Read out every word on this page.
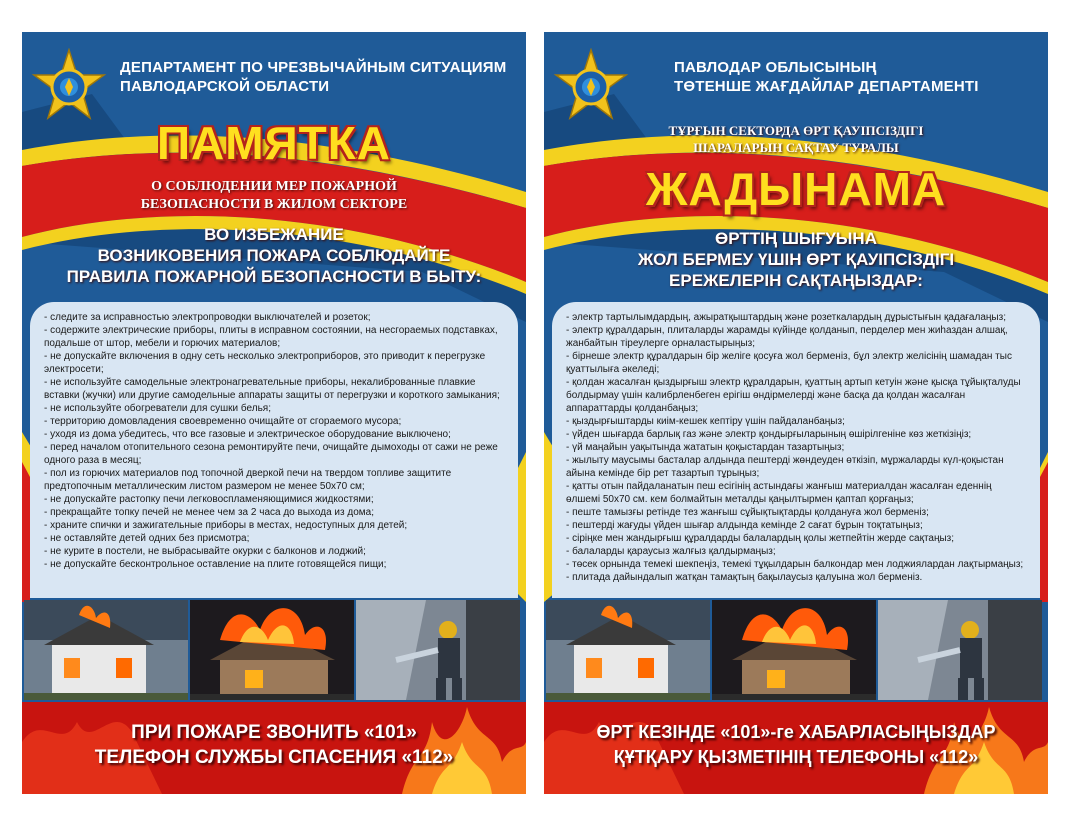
ДЕПАРТАМЕНТ ПО ЧРЕЗВЫЧАЙНЫМ СИТУАЦИЯМ
ПАВЛОДАРСКОЙ ОБЛАСТИ
ПАМЯТКА
О СОБЛЮДЕНИИ МЕР ПОЖАРНОЙ
БЕЗОПАСНОСТИ В ЖИЛОМ СЕКТОРЕ
ВО ИЗБЕЖАНИЕ
ВОЗНИКОВЕНИЯ ПОЖАРА СОБЛЮДАЙТЕ
ПРАВИЛА ПОЖАРНОЙ БЕЗОПАСНОСТИ В БЫТУ:

- следите за исправностью электропроводки выключателей и розеток;

- содержите электрические приборы, плиты в исправном состоянии, на несгораемых подставках, подальше от штор, мебели и горючих материалов;

- не допускайте включения в одну сеть несколько электроприборов, это приводит к перегрузке электросети;

- не используйте самодельные электронагревательные приборы, некалиброванные плавкие вставки (жучки) или другие самодельные аппараты защиты от перегрузки и короткого замыкания;

- не используйте обогреватели для сушки белья;

- территорию домовладения своевременно очищайте от сгораемого мусора;

- уходя из дома убедитесь, что все газовые и электрическое оборудование выключено;

- перед началом отопительного сезона ремонтируйте печи, очищайте дымоходы от сажи не реже одного раза в месяц;

- пол из горючих материалов под топочной дверкой печи на твердом топливе защитите предтопочным металлическим листом размером не менее 50х70 см;

- не допускайте растопку печи легковоспламеняющимися жидкостями;

- прекращайте топку печей не менее чем за 2 часа до выхода из дома;

- храните спички и зажигательные приборы в местах, недоступных для детей;

- не оставляйте детей одних без присмотра;

- не курите в постели, не выбрасывайте окурки с балконов и лоджий;

- не допускайте бесконтрольное оставление на плите готовящейся пищи;

ПРИ ПОЖАРЕ ЗВОНИТЬ «101»
ТЕЛЕФОН СЛУЖБЫ СПАСЕНИЯ «112»
ПАВЛОДАР ОБЛЫСЫНЫҢ
ТӨТЕНШЕ ЖАҒДАЙЛАР ДЕПАРТАМЕНТІ
ТҰРҒЫН СЕКТОРДА ӨРТ ҚАУІПСІЗДІГІ
ШАРАЛАРЫН САҚТАУ ТУРАЛЫ
ЖАДЫНАМА
ӨРТТІҢ ШЫҒУЫНА
ЖОЛ БЕРМЕУ ҮШІН ӨРТ ҚАУІПСІЗДІГІ
ЕРЕЖЕЛЕРІН САҚТАҢЫЗДАР:

- электр тартылымдардың, ажыратқыштардың және розеткалардың дұрыстығын қадағалаңыз;

- электр құралдарын, плиталарды жарамды күйінде қолданып, перделер мен жиһаздан алшақ, жанбайтын тіреулерге орналастырыңыз;

- бірнеше электр құралдарын бір желіге қосуға жол берменіз, бұл электр желісінің шамадан тыс қуаттылыға әкеледі;

- қолдан жасалған қыздырғыш электр құралдарын, қуаттың артып кетуін және қысқа тұйықталуды болдырмау үшін калибрленбеген ерігіш өндірмелерді және басқа да қолдан жасалған аппараттарды қолданбаңыз;

- қыздырғыштарды киім-кешек кептіру үшін пайдаланбаңыз;

- үйден шығарда барлық газ және электр қондырғыларының өшірілгеніне көз жеткізіңіз;

- үй маңайын уақытында жататын қоқыстардан тазартыңыз;

- жылыту маусымы басталар алдында пештерді жөндеуден өткізіп, мұржаларды күл-қоқыстан айына кемінде бір рет тазартып тұрыңыз;

- қатты отын пайдаланатын пеш есігінің астындағы жанғыш материалдан жасалған еденнің өлшемі 50х70 см. кем болмайтын металды қаңылтырмен қаптап қорғаңыз;

- пеште тамызғы ретінде тез жанғыш сұйықтықтарды қолдануға жол берменіз;

- пештерді жағуды үйден шығар алдында кемінде 2 сағат бұрын тоқтатыңыз;

- сіріңке мен жандырғыш құралдарды балалардың қолы жетпейтін жерде сақтаңыз;

- балаларды қараусыз жалғыз қалдырмаңыз;

- төсек орнында темекі шекпеңіз, темекі тұқылдарын балкондар мен лоджиялардан лақтырмаңыз;

- плитада дайындалып жатқан тамақтың бақылаусыз қалуына жол берменіз.

ӨРТ КЕЗІНДЕ «101»-ге ХАБАРЛАСЫҢЫЗДАР
ҚҰТҚАРУ ҚЫЗМЕТІНІҢ ТЕЛЕФОНЫ «112»
